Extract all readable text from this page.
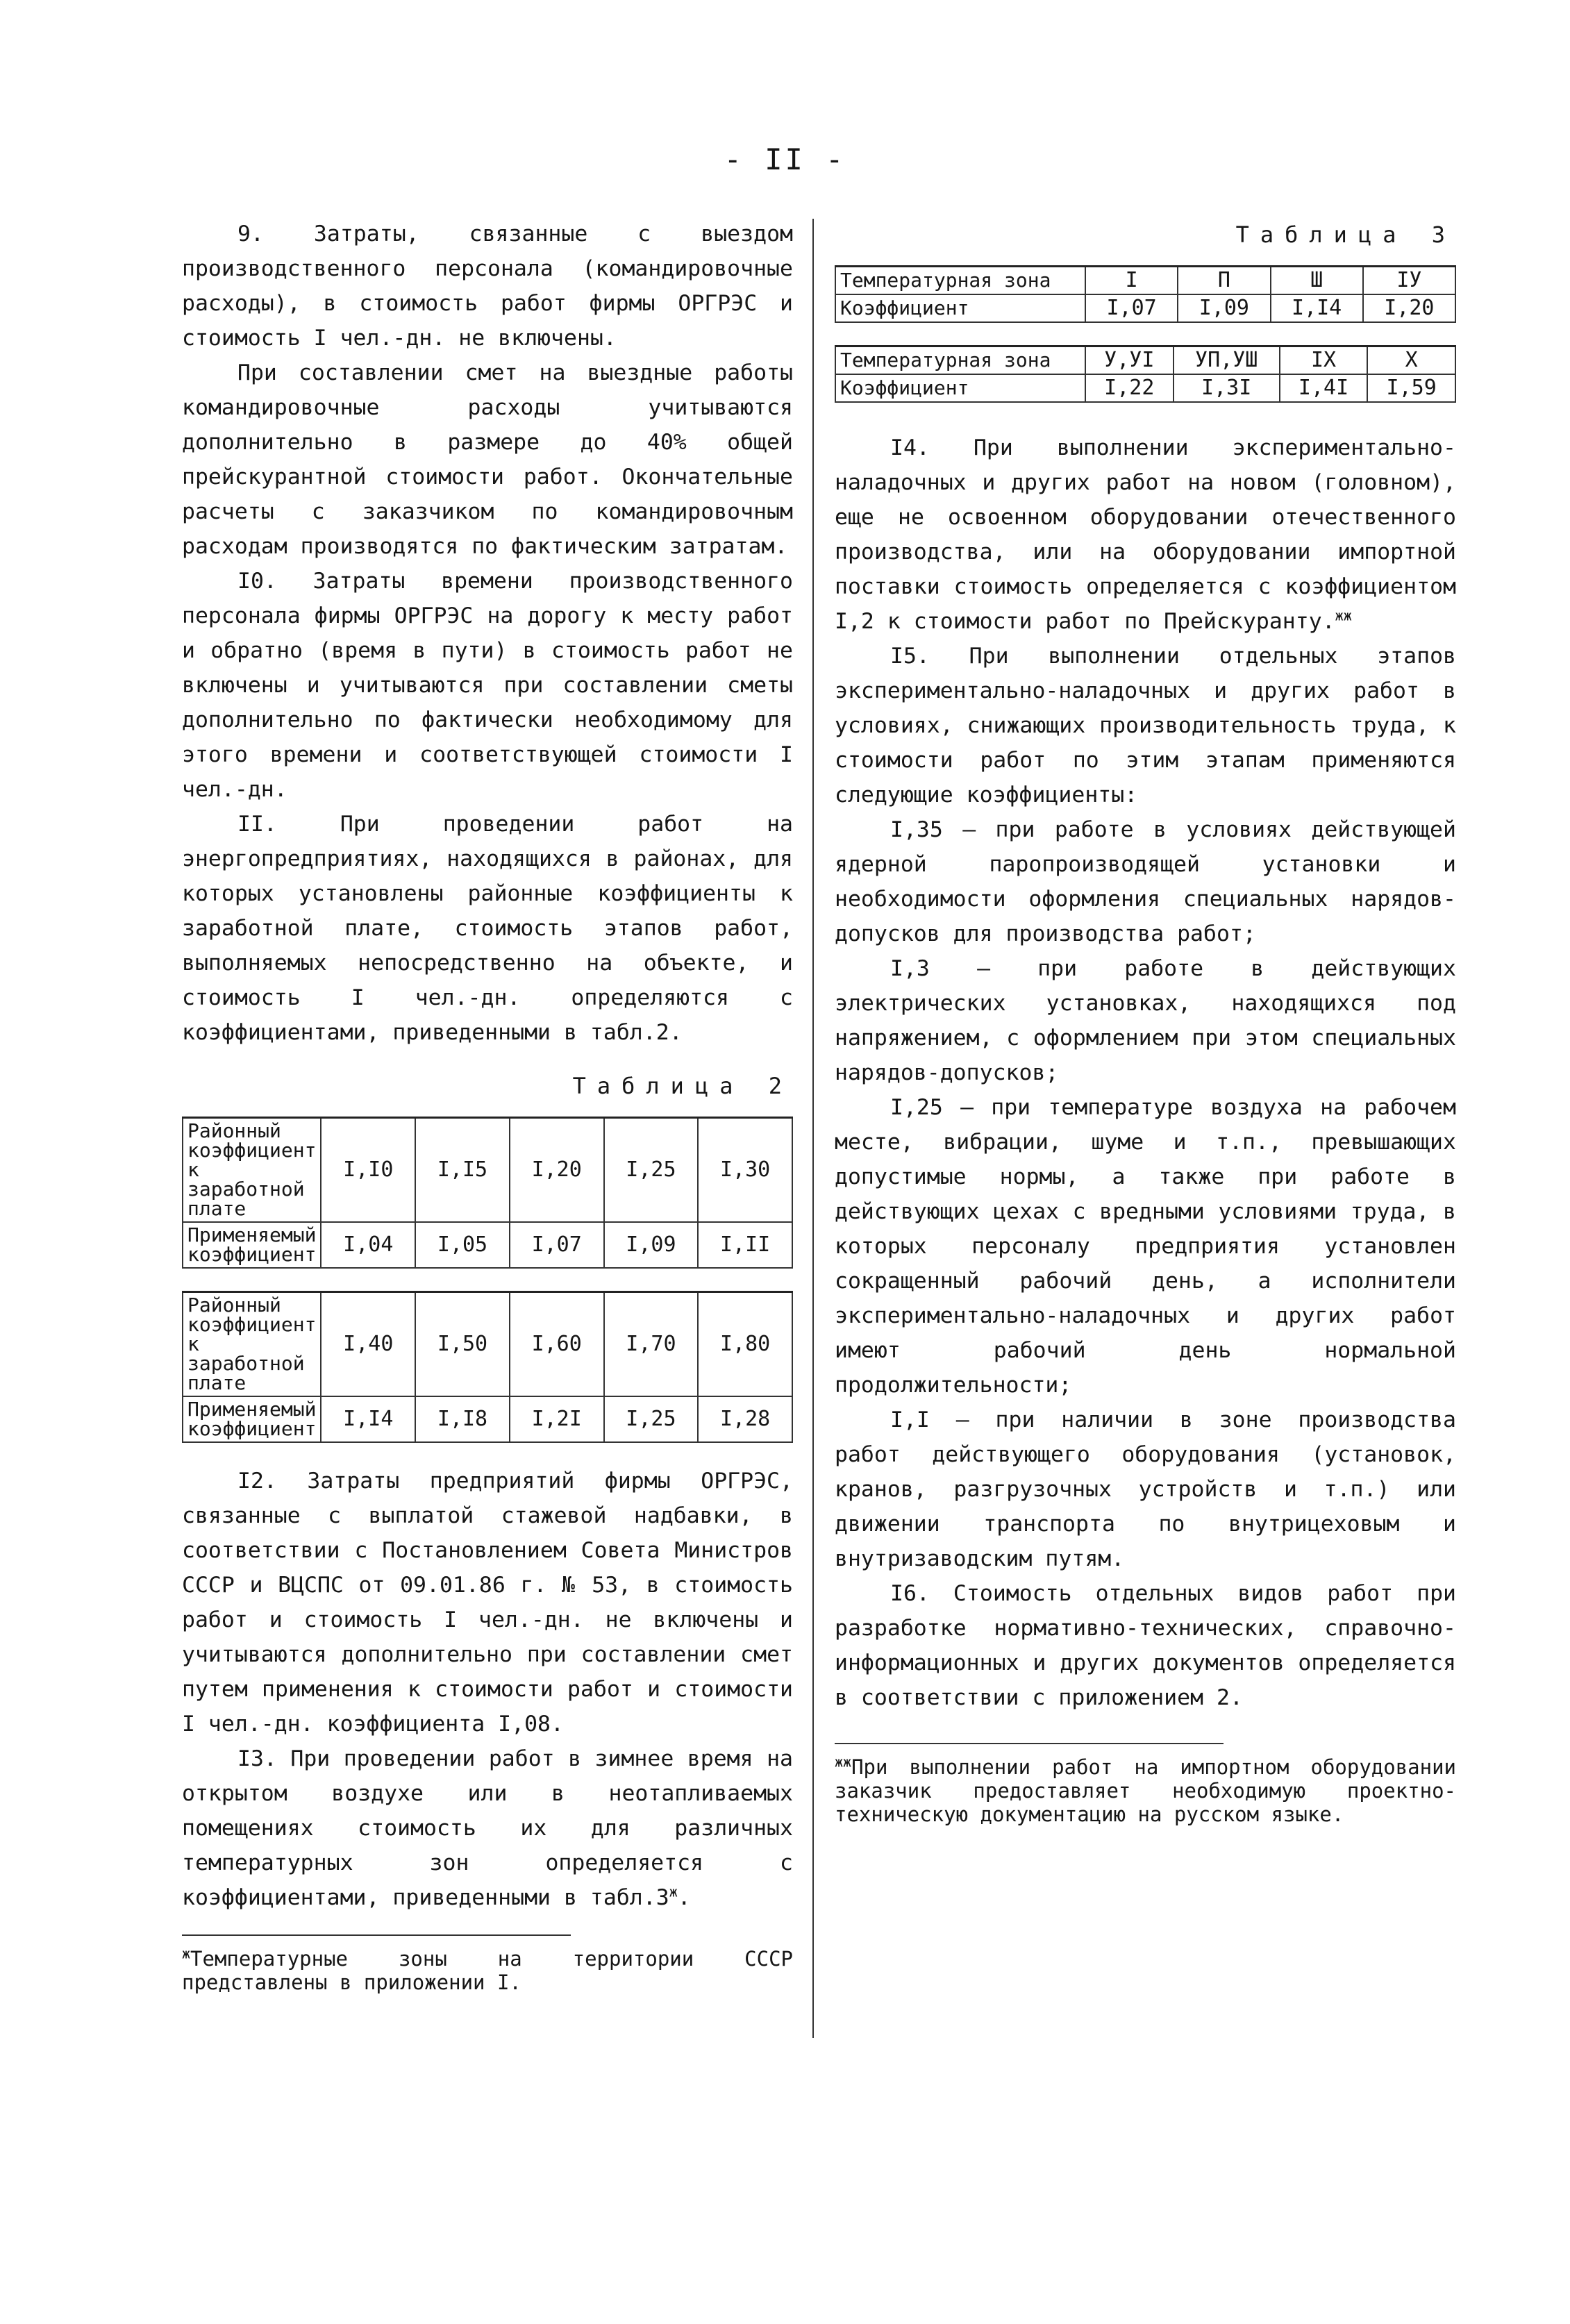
- II -

9. Затраты, связанные с выездом производственного персонала (командировочные расходы), в стоимость работ фирмы ОРГРЭС и стоимость I чел.-дн. не включены.

При составлении смет на выездные работы командировочные расходы учитываются дополнительно в размере до 40% общей прейскурантной стоимости работ. Окончательные расчеты с заказчиком по командировочным расходам производятся по фактическим затратам.

I0. Затраты времени производственного персонала фирмы ОРГРЭС на дорогу к месту работ и обратно (время в пути) в стоимость работ не включены и учитываются при составлении сметы дополнительно по фактически необходимому для этого времени и соответствующей стоимости I чел.-дн.

II. При проведении работ на энергопредприятиях, находящихся в районах, для которых установлены районные коэффициенты к заработной плате, стоимость этапов работ, выполняемых непосредственно на объекте, и стоимость I чел.-дн. определяются с коэффициентами, приведенными в табл.2.

Таблица 2
Районный коэффициент к заработной плате	I,I0	I,I5	I,20	I,25	I,30
Применяемый коэффициент	I,04	I,05	I,07	I,09	I,II
Районный коэффициент к заработной плате	I,40	I,50	I,60	I,70	I,80
Применяемый коэффициент	I,I4	I,I8	I,2I	I,25	I,28

I2. Затраты предприятий фирмы ОРГРЭС, связанные с выплатой стажевой надбавки, в соответствии с Постановлением Совета Министров СССР и ВЦСПС от 09.01.86 г. № 53, в стоимость работ и стоимость I чел.-дн. не включены и учитываются дополнительно при составлении смет путем применения к стоимости работ и стоимости I чел.-дн. коэффициента I,08.

I3. При проведении работ в зимнее время на открытом воздухе или в неотапливаемых помещениях стоимость их для различных температурных зон определяется с коэффициентами, приведенными в $табл.3^ж$.

$^ж$Температурные зоны на территории СССР представлены в приложении I.

Таблица 3
Температурная зона	I	П	Ш	IУ
Коэффициент	I,07	I,09	I,I4	I,20
Температурная зона	У,УI	УП,УШ	IX	X
Коэффициент	I,22	I,3I	I,4I	I,59

I4. При выполнении экспериментально-наладочных и других работ на новом (головном), еще не освоенном оборудовании отечественного производства, или на оборудовании импортной поставки стоимость определяется с коэффициентом I,2 к стоимости работ по Прейскуранту.$^{жж}$

I5. При выполнении отдельных этапов экспериментально-наладочных и других работ в условиях, снижающих производительность труда, к стоимости работ по этим этапам применяются следующие коэффициенты:

I,35 – при работе в условиях действующей ядерной паропроизводящей установки и необходимости оформления специальных нарядов-допусков для производства работ;

I,3 – при работе в действующих электрических установках, находящихся под напряжением, с оформлением при этом специальных нарядов-допусков;

I,25 – при температуре воздуха на рабочем месте, вибрации, шуме и т.п., превышающих допустимые нормы, а также при работе в действующих цехах с вредными условиями труда, в которых персоналу предприятия установлен сокращенный рабочий день, а исполнители экспериментально-наладочных и других работ имеют рабочий день нормальной продолжительности;

I,I – при наличии в зоне производства работ действующего оборудования (установок, кранов, разгрузочных устройств и т.п.) или движении транспорта по внутрицеховым и внутризаводским путям.

I6. Стоимость отдельных видов работ при разработке нормативно-технических, справочно-информационных и других документов определяется в соответствии с приложением 2.

$^{жж}$При выполнении работ на импортном оборудовании заказчик предоставляет необходимую проектно-техническую документацию на русском языке.
